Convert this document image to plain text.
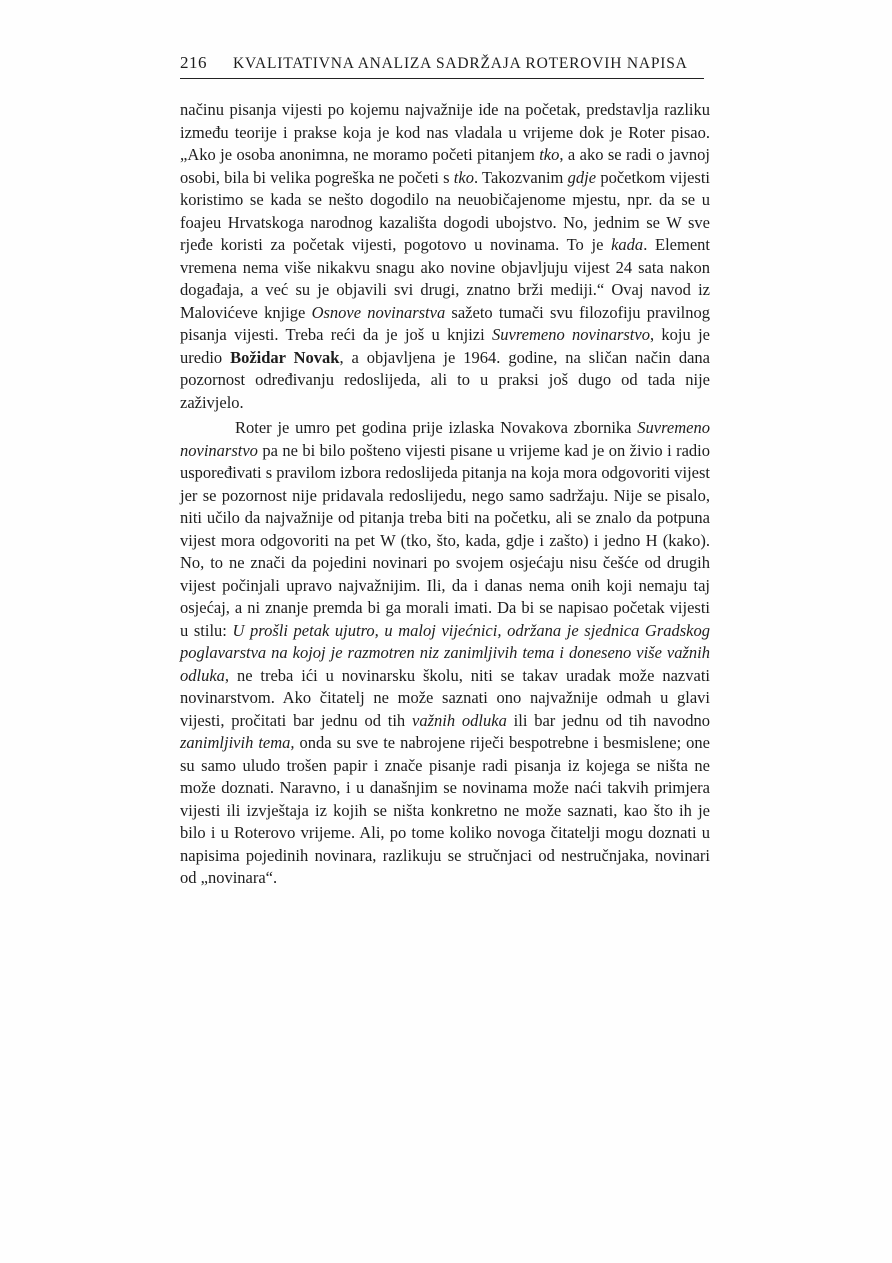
216 KVALITATIVNA ANALIZA SADRŽAJA ROTEROVIH NAPISA

načinu pisanja vijesti po kojemu najvažnije ide na početak, predstavlja razliku između teorije i prakse koja je kod nas vladala u vrijeme dok je Roter pisao. „Ako je osoba anonimna, ne moramo početi pitanjem tko, a ako se radi o javnoj osobi, bila bi velika pogreška ne početi s tko. Takozvanim gdje početkom vijesti koristimo se kada se nešto dogodilo na neuobičajenome mjestu, npr. da se u foajeu Hrvatskoga narodnog kazališta dogodi ubojstvo. No, jednim se W sve rjeđe koristi za početak vijesti, pogotovo u novinama. To je kada. Element vremena nema više nikakvu snagu ako novine objavljuju vijest 24 sata nakon događaja, a već su je objavili svi drugi, znatno brži mediji.“ Ovaj navod iz Malovićeve knjige Osnove novinarstva sažeto tumači svu filozofiju pravilnog pisanja vijesti. Treba reći da je još u knjizi Suvremeno novinarstvo, koju je uredio Božidar Novak, a objavljena je 1964. godine, na sličan način dana pozornost određivanju redoslijeda, ali to u praksi još dugo od tada nije zaživjelo.

Roter je umro pet godina prije izlaska Novakova zbornika Suvremeno novinarstvo pa ne bi bilo pošteno vijesti pisane u vrijeme kad je on živio i radio uspoređivati s pravilom izbora redoslijeda pitanja na koja mora odgovoriti vijest jer se pozornost nije pridavala redoslijedu, nego samo sadržaju. Nije se pisalo, niti učilo da najvažnije od pitanja treba biti na početku, ali se znalo da potpuna vijest mora odgovoriti na pet W (tko, što, kada, gdje i zašto) i jedno H (kako). No, to ne znači da pojedini novinari po svojem osjećaju nisu češće od drugih vijest počinjali upravo najvažnijim. Ili, da i danas nema onih koji nemaju taj osjećaj, a ni znanje premda bi ga morali imati. Da bi se napisao početak vijesti u stilu: U prošli petak ujutro, u maloj vijećnici, održana je sjednica Gradskog poglavarstva na kojoj je razmotren niz zanimljivih tema i doneseno više važnih odluka, ne treba ići u novinarsku školu, niti se takav uradak može nazvati novinarstvom. Ako čitatelj ne može saznati ono najvažnije odmah u glavi vijesti, pročitati bar jednu od tih važnih odluka ili bar jednu od tih navodno zanimljivih tema, onda su sve te nabrojene riječi bespotrebne i besmislene; one su samo uludo trošen papir i znače pisanje radi pisanja iz kojega se ništa ne može doznati. Naravno, i u današnjim se novinama može naći takvih primjera vijesti ili izvještaja iz kojih se ništa konkretno ne može saznati, kao što ih je bilo i u Roterovo vrijeme. Ali, po tome koliko novoga čitatelji mogu doznati u napisima pojedinih novinara, razlikuju se stručnjaci od nestručnjaka, novinari od „novinara“.
